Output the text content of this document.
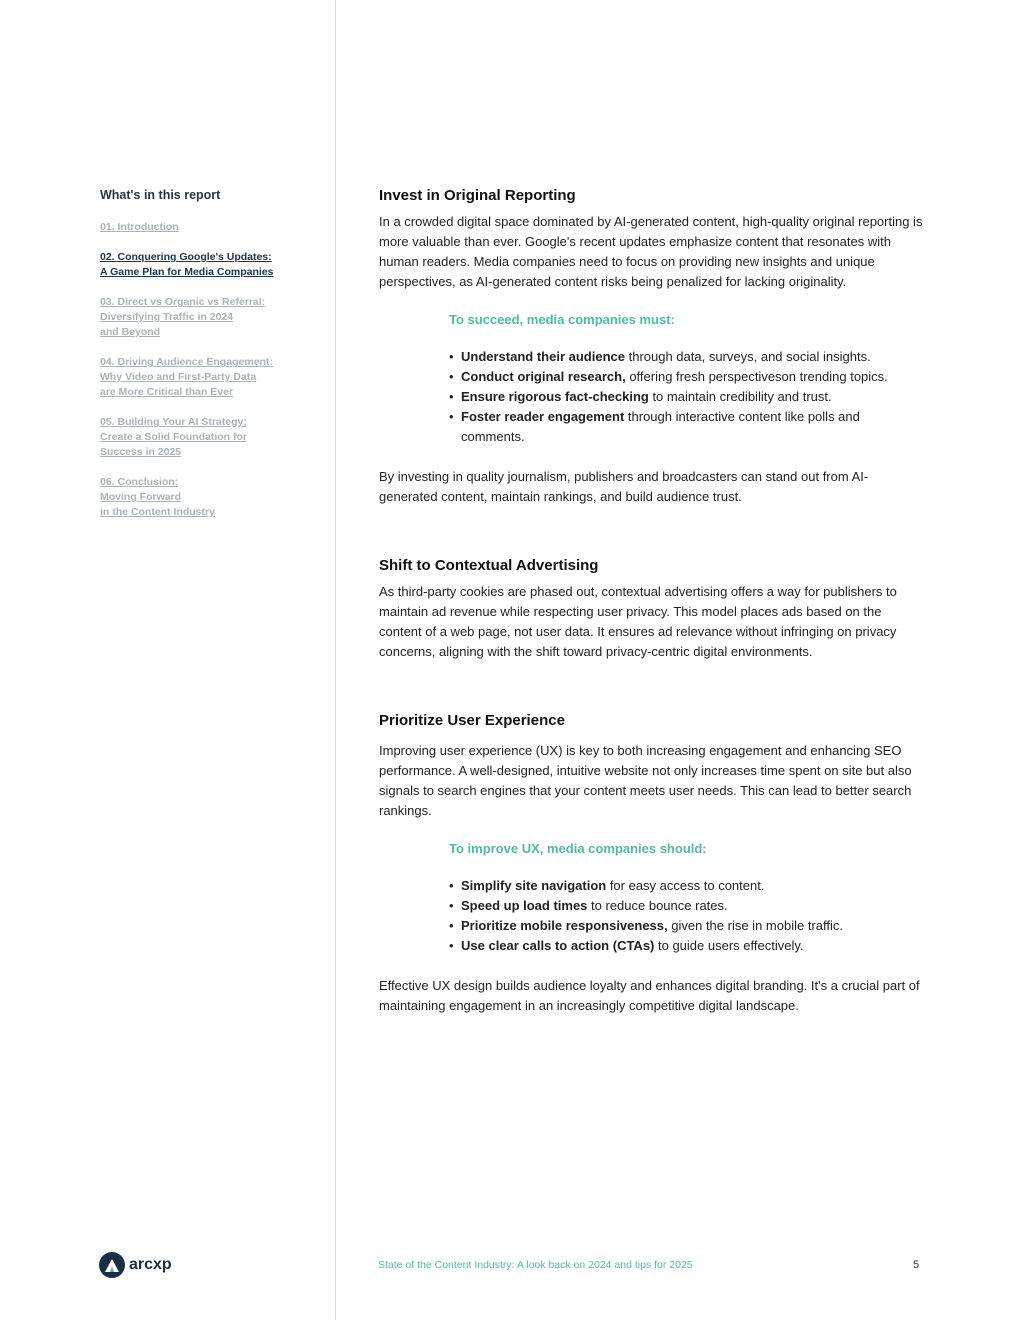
What's in this report
01. Introduction
02. Conquering Google's Updates:
A Game Plan for Media Companies
03. Direct vs Organic vs Referral:
Diversifying Traffic in 2024
and Beyond
04. Driving Audience Engagement:
Why Video and First-Party Data
are More Critical than Ever
05. Building Your AI Strategy:
Create a Solid Foundation for
Success in 2025
06. Conclusion:
Moving Forward
in the Content Industry
Invest in Original Reporting

In a crowded digital space dominated by AI-generated content, high-quality original reporting is more valuable than ever. Google's recent updates emphasize content that resonates with human readers. Media companies need to focus on providing new insights and unique perspectives, as AI-generated content risks being penalized for lacking originality.

To succeed, media companies must:
• Understand their audience through data, surveys, and social insights.
• Conduct original research, offering fresh perspectiveson trending topics.
• Ensure rigorous fact-checking to maintain credibility and trust.
• Foster reader engagement through interactive content like polls and comments.

By investing in quality journalism, publishers and broadcasters can stand out from AI-generated content, maintain rankings, and build audience trust.

Shift to Contextual Advertising

As third-party cookies are phased out, contextual advertising offers a way for publishers to maintain ad revenue while respecting user privacy. This model places ads based on the content of a web page, not user data. It ensures ad relevance without infringing on privacy concerns, aligning with the shift toward privacy-centric digital environments.

Prioritize User Experience

Improving user experience (UX) is key to both increasing engagement and enhancing SEO performance. A well-designed, intuitive website not only increases time spent on site but also signals to search engines that your content meets user needs. This can lead to better search rankings.

To improve UX, media companies should:
• Simplify site navigation for easy access to content.
• Speed up load times to reduce bounce rates.
• Prioritize mobile responsiveness, given the rise in mobile traffic.
• Use clear calls to action (CTAs) to guide users effectively.

Effective UX design builds audience loyalty and enhances digital branding. It's a crucial part of maintaining engagement in an increasingly competitive digital landscape.

arcxp	State of the Content Industry: A look back on 2024 and tips for 2025	5
